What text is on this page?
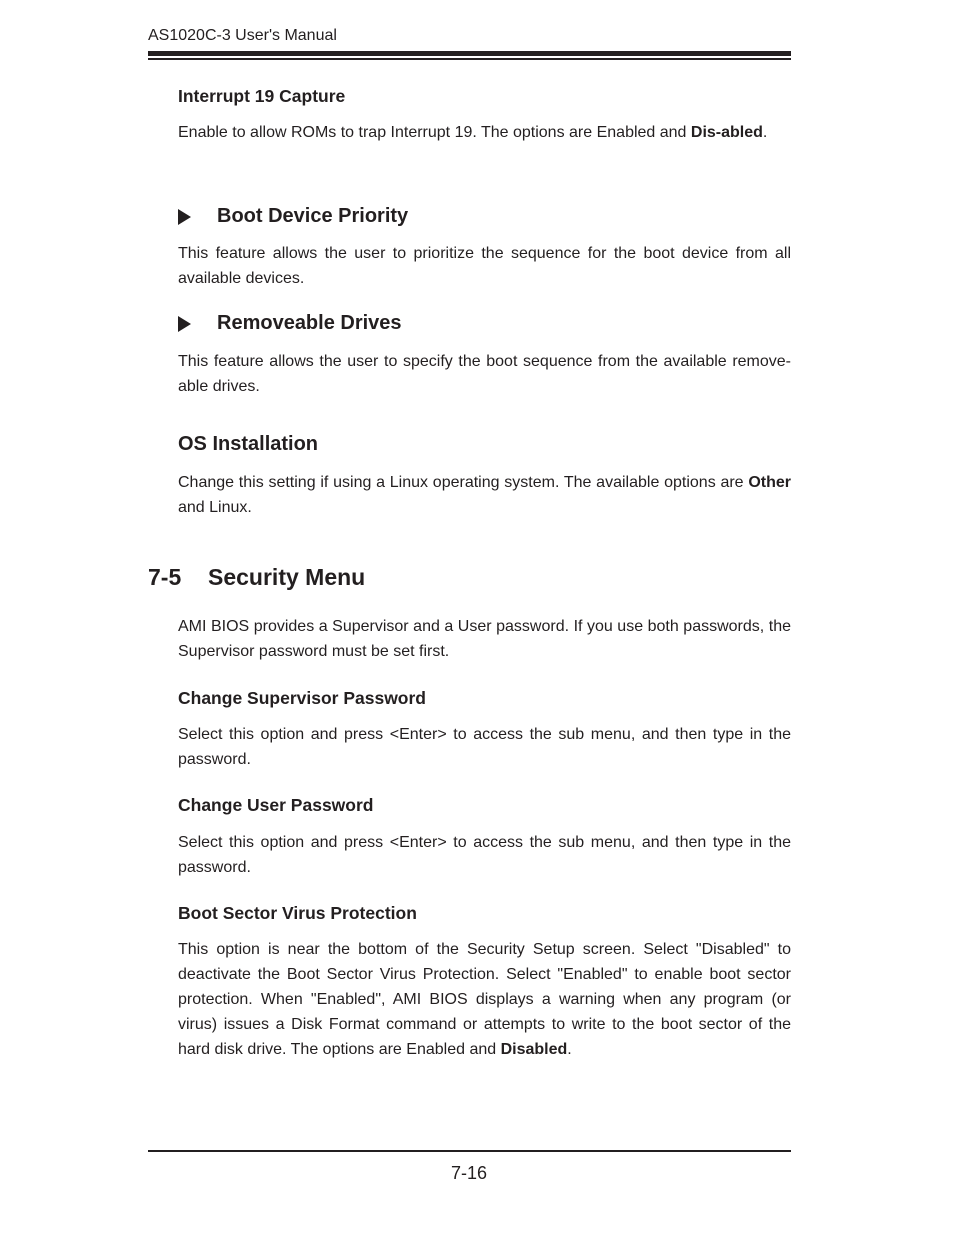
AS1020C-3 User's Manual
Interrupt 19 Capture
Enable to allow ROMs to trap Interrupt 19. The options are Enabled and Dis-abled.
Boot Device Priority
This feature allows the user to prioritize the sequence for the boot device from all available devices.
Removeable Drives
This feature allows the user to specify the boot sequence from the available remove-able drives.
OS Installation
Change this setting if using a Linux operating system. The available options are Other and Linux.
7-5 Security Menu
AMI BIOS provides a Supervisor and a User password. If you use both passwords, the Supervisor password must be set first.
Change Supervisor Password
Select this option and press <Enter> to access the sub menu, and then type in the password.
Change User Password
Select this option and press <Enter> to access the sub menu, and then type in the password.
Boot Sector Virus Protection
This option is near the bottom of the Security Setup screen. Select "Disabled" to deactivate the Boot Sector Virus Protection. Select "Enabled" to enable boot sector protection. When "Enabled", AMI BIOS displays a warning when any program (or virus) issues a Disk Format command or attempts to write to the boot sector of the hard disk drive. The options are Enabled and Disabled.
7-16
